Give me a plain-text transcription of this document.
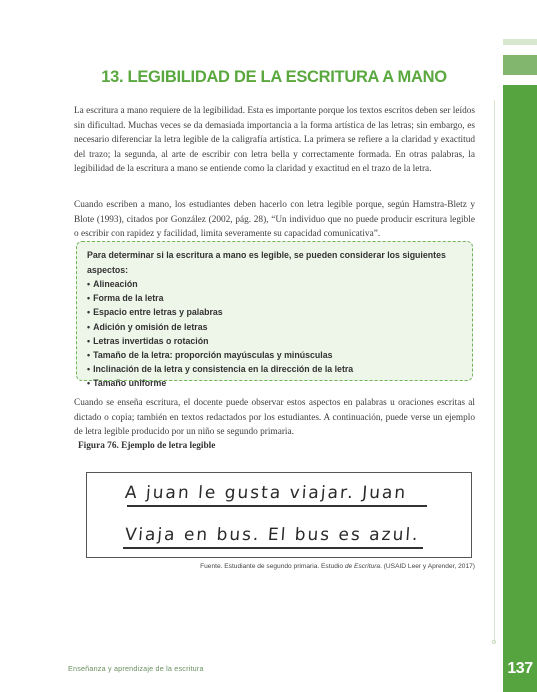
137
13. LEGIBILIDAD DE LA ESCRITURA A MANO

La escritura a mano requiere de la legibilidad. Esta es importante porque los textos escritos deben ser leídos sin dificultad. Muchas veces se da demasiada importancia a la forma artística de las letras; sin embargo, es necesario diferenciar la letra legible de la caligrafía artística. La primera se refiere a la claridad y exactitud del trazo; la segunda, al arte de escribir con letra bella y correctamente formada. En otras palabras, la legibilidad de la escritura a mano se entiende como la claridad y exactitud en el trazo de la letra.

Cuando escriben a mano, los estudiantes deben hacerlo con letra legible porque, según Hamstra-Bletz y Blote (1993), citados por González (2002, pág. 28), “Un individuo que no puede producir escritura legible o escribir con rapidez y facilidad, limita severamente su capacidad comunicativa”.

Para determinar si la escritura a mano es legible, se pueden considerar los siguientes aspectos:
• Alineación
• Forma de la letra
• Espacio entre letras y palabras
• Adición y omisión de letras
• Letras invertidas o rotación
• Tamaño de la letra: proporción mayúsculas y minúsculas
• Inclinación de la letra y consistencia en la dirección de la letra
• Tamaño uniforme

Cuando se enseña escritura, el docente puede observar estos aspectos en palabras u oraciones escritas al dictado o copia; también en textos redactados por los estudiantes. A continuación, puede verse un ejemplo de letra legible producido por un niño se segundo primaria.

Figura 76. Ejemplo de letra legible
A juan le gusta viajar. Juan
Viaja en bus. El bus es azul.
Fuente. Estudiante de segundo primaria. Estudio de Escritura. (USAID Leer y Aprender, 2017)
Enseñanza y aprendizaje de la escritura
